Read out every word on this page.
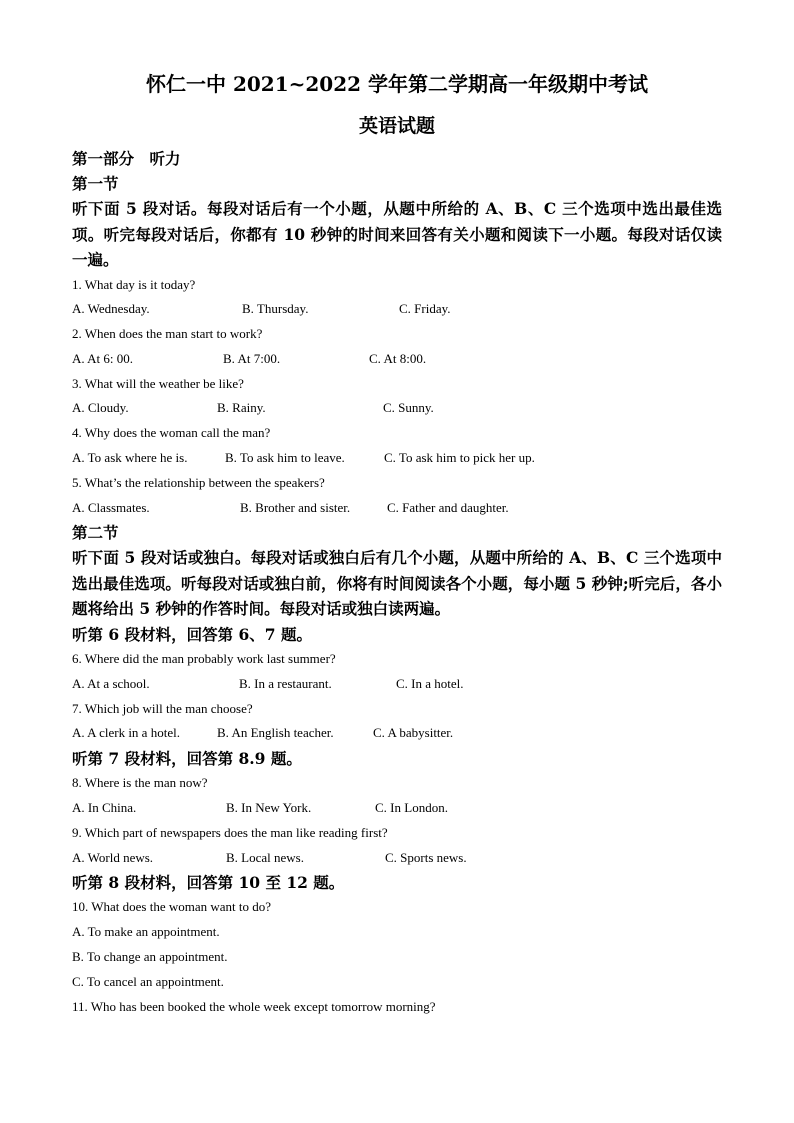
怀仁一中 2021~2022 学年第二学期高一年级期中考试
英语试题

第一部分　听力

第一节

听下面 5 段对话。每段对话后有一个小题，从题中所给的 A、B、C 三个选项中选出最佳选项。听完每段对话后，你都有 10 秒钟的时间来回答有关小题和阅读下一小题。每段对话仅读一遍。

1. What day is it today?

A. Wednesday.	B. Thursday.	C. Friday.

2. When does the man start to work?

A. At 6: 00.	B. At 7:00.	C. At 8:00.

3. What will the weather be like?

A. Cloudy.	B. Rainy.	C. Sunny.

4. Why does the woman call the man?

A. To ask where he is.	B. To ask him to leave.	C. To ask him to pick her up.

5. What’s the relationship between the speakers?

A. Classmates.	B. Brother and sister.	C. Father and daughter.

第二节

听下面 5 段对话或独白。每段对话或独白后有几个小题，从题中所给的 A、B、C 三个选项中选出最佳选项。听每段对话或独白前，你将有时间阅读各个小题，每小题 5 秒钟;听完后，各小题将给出 5 秒钟的作答时间。每段对话或独白读两遍。

听第 6 段材料，回答第 6、7 题。

6. Where did the man probably work last summer?

A. At a school.	B. In a restaurant.	C. In a hotel.

7. Which job will the man choose?

A. A clerk in a hotel.	B. An English teacher.	C. A babysitter.

听第 7 段材料，回答第 8.9 题。

8. Where is the man now?

A. In China.	B. In New York.	C. In London.

9. Which part of newspapers does the man like reading first?

A. World news.	B. Local news.	C. Sports news.

听第 8 段材料，回答第 10 至 12 题。

10. What does the woman want to do?

A. To make an appointment.

B. To change an appointment.

C. To cancel an appointment.

11. Who has been booked the whole week except tomorrow morning?
